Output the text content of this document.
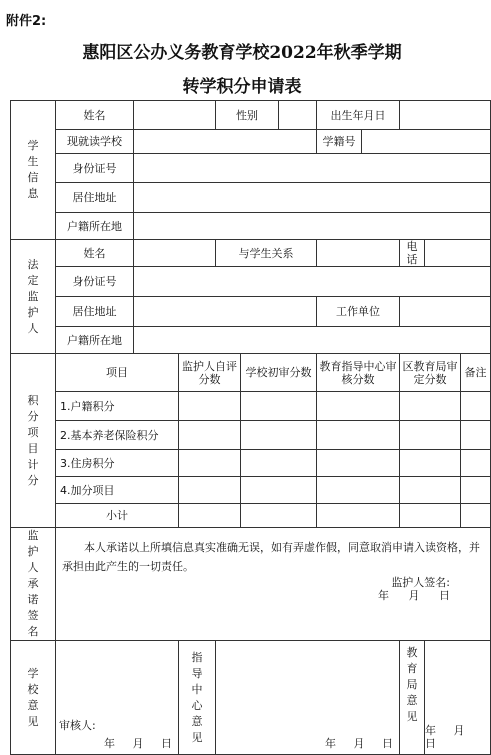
附件2:
惠阳区公办义务教育学校2022年秋季学期
转学积分申请表
学生信息	姓名			性别			出生年月日				
	现就读学校						学籍号				
	身份证号										
	居住地址										
	户籍所在地										

法定监护人	姓名			与学生关系					电话		
	身份证号										
	居住地址						工作单位				
	户籍所在地										

积分项目计分	项目		监护人自评分数		学校初审分数		教育指导中心审核分数		区教育局审定分数		备注
	1.户籍积分										
	2.基本养老保险积分										
	3.住房积分										
	4.加分项目										
	小计										

监护人承诺签名	本人承诺以上所填信息真实准确无误，如有弄虚作假，同意取消申请入读资格，并承担由此产生的一切责任。
监护人签名:
年 月 日										

学校意见	审核人:
年 月 日		指导中心意见	年 月 日					教育局意见	年 月 日	
